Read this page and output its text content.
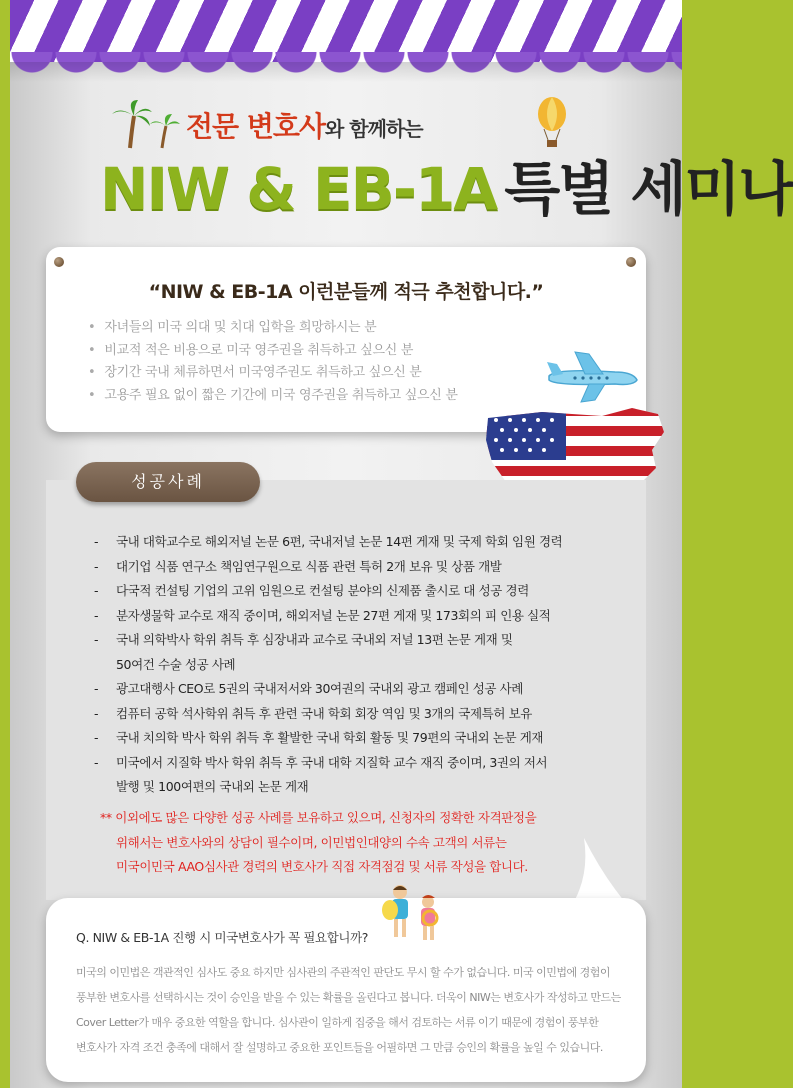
전문 변호사와 함께하는
NIW & EB-1A 특별 세미나
“NIW & EB-1A 이런분들께 적극 추천합니다.”
• 자녀들의 미국 의대 및 치대 입학을 희망하시는 분
• 비교적 적은 비용으로 미국 영주권을 취득하고 싶으신 분
• 장기간 국내 체류하면서 미국영주권도 취득하고 싶으신 분
• 고용주 필요 없이 짧은 기간에 미국 영주권을 취득하고 싶으신 분
성공사례
- 국내 대학교수로 해외저널 논문 6편, 국내저널 논문 14편 게재 및 국제 학회 임원 경력
- 대기업 식품 연구소 책임연구원으로 식품 관련 특허 2개 보유 및 상품 개발
- 다국적 컨설팅 기업의 고위 임원으로 컨설팅 분야의 신제품 출시로 대 성공 경력
- 분자생물학 교수로 재직 중이며, 해외저널 논문 27편 게재 및 173회의 피 인용 실적
- 국내 의학박사 학위 취득 후 심장내과 교수로 국내외 저널 13편 논문 게재 및
50여건 수술 성공 사례
- 광고대행사 CEO로 5권의 국내저서와 30여권의 국내외 광고 캠페인 성공 사례
- 컴퓨터 공학 석사학위 취득 후 관련 국내 학회 회장 역임 및 3개의 국제특허 보유
- 국내 치의학 박사 학위 취득 후 활발한 국내 학회 활동 및 79편의 국내외 논문 게재
- 미국에서 지질학 박사 학위 취득 후 국내 대학 지질학 교수 재직 중이며, 3권의 저서
발행 및 100여편의 국내외 논문 게재
** 이외에도 많은 다양한 성공 사례를 보유하고 있으며, 신청자의 정확한 자격판정을
위해서는 변호사와의 상담이 필수이며, 이민법인대양의 수속 고객의 서류는
미국이민국 AAO심사관 경력의 변호사가 직접 자격점검 및 서류 작성을 합니다.
Q. NIW & EB-1A 진행 시 미국변호사가 꼭 필요합니까?
미국의 이민법은 객관적인 심사도 중요 하지만 심사관의 주관적인 판단도 무시 할 수가 없습니다. 미국 이민법에 경험이
풍부한 변호사를 선택하시는 것이 승인을 받을 수 있는 확률을 올린다고 봅니다. 더욱이 NIW는 변호사가 작성하고 만드는
Cover Letter가 매우 중요한 역할을 합니다. 심사관이 일하게 집중을 해서 검토하는 서류 이기 때문에 경험이 풍부한
변호사가 자격 조건 충족에 대해서 잘 설명하고 중요한 포인트들을 어필하면 그 만큼 승인의 확률을 높일 수 있습니다.
